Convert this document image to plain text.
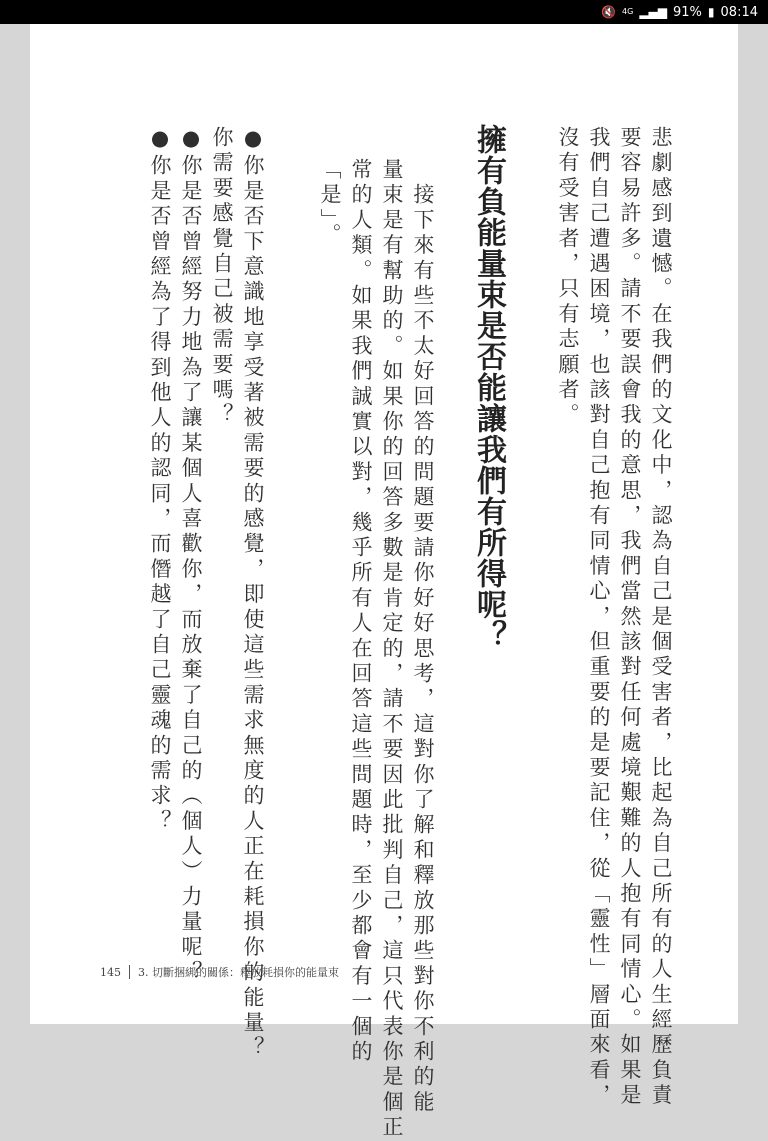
🔇 4G ▂▄▆ 91% ▮ 08:14
悲劇感到遺憾。在我們的文化中，認為自己是個受害者，比起為自己所有的人生經歷負責
要容易許多。請不要誤會我的意思，我們當然該對任何處境艱難的人抱有同情心。如果是
我們自己遭遇困境，也該對自己抱有同情心，但重要的是要記住，從「靈性」層面來看，
沒有受害者，只有志願者。
擁有負能量束是否能讓我們有所得呢？
　接下來有些不太好回答的問題要請你好好思考，這對你了解和釋放那些對你不利的能
量束是有幫助的。如果你的回答多數是肯定的，請不要因此批判自己，這只代表你是個正
常的人類。如果我們誠實以對，幾乎所有人在回答這些問題時，至少都會有一個的
「是」。
●你是否下意識地享受著被需要的感覺，即使這些需求無度的人正在耗損你的能量？
你需要感覺自己被需要嗎？
●你是否曾經努力地為了讓某個人喜歡你，而放棄了自己的（個人）力量呢？
●你是否曾經為了得到他人的認同，而僭越了自己靈魂的需求？
145 3. 切斷捆綁的關係：釋放耗損你的能量束
